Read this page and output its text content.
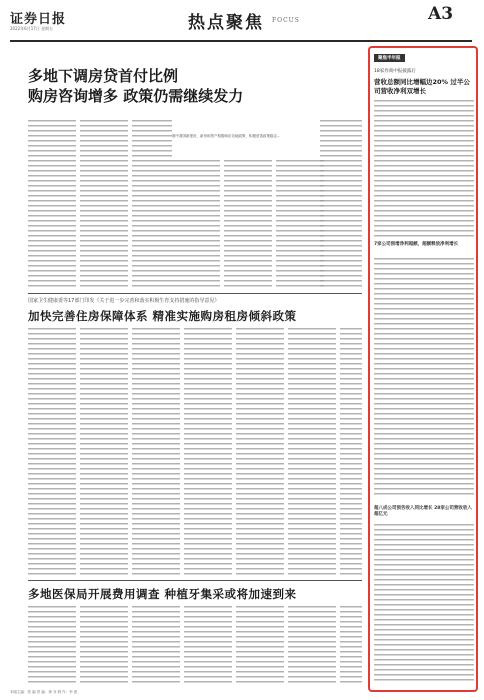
证券日报
2022年6月17日 星期五	热点聚焦 FOCUS	A3
多地下调房贷首付比例
购房咨询增多 政策仍需继续发力
图中我国新建房，新房和资产积极响应各地政策，积极营造政策稳定…
国家卫生健康委等17部门印发《关于进一步完善和落实积极生育支持措施的指导意见》
加快完善住房保障体系 精准实施购房租房倾斜政策
多地医保局开展费用调查 种植牙集采或将加速到来
聚焦半年报
18家券商中报披露后
营收总额同比增幅边20% 过半公司营收净利双增长
7家公司预增净利超额，超额释放净利增长
超八成公司预告收入同比增长 28家公司营收收入超亿元
本版主编：张 编 责 编：徐 乔 制 作：李 波
